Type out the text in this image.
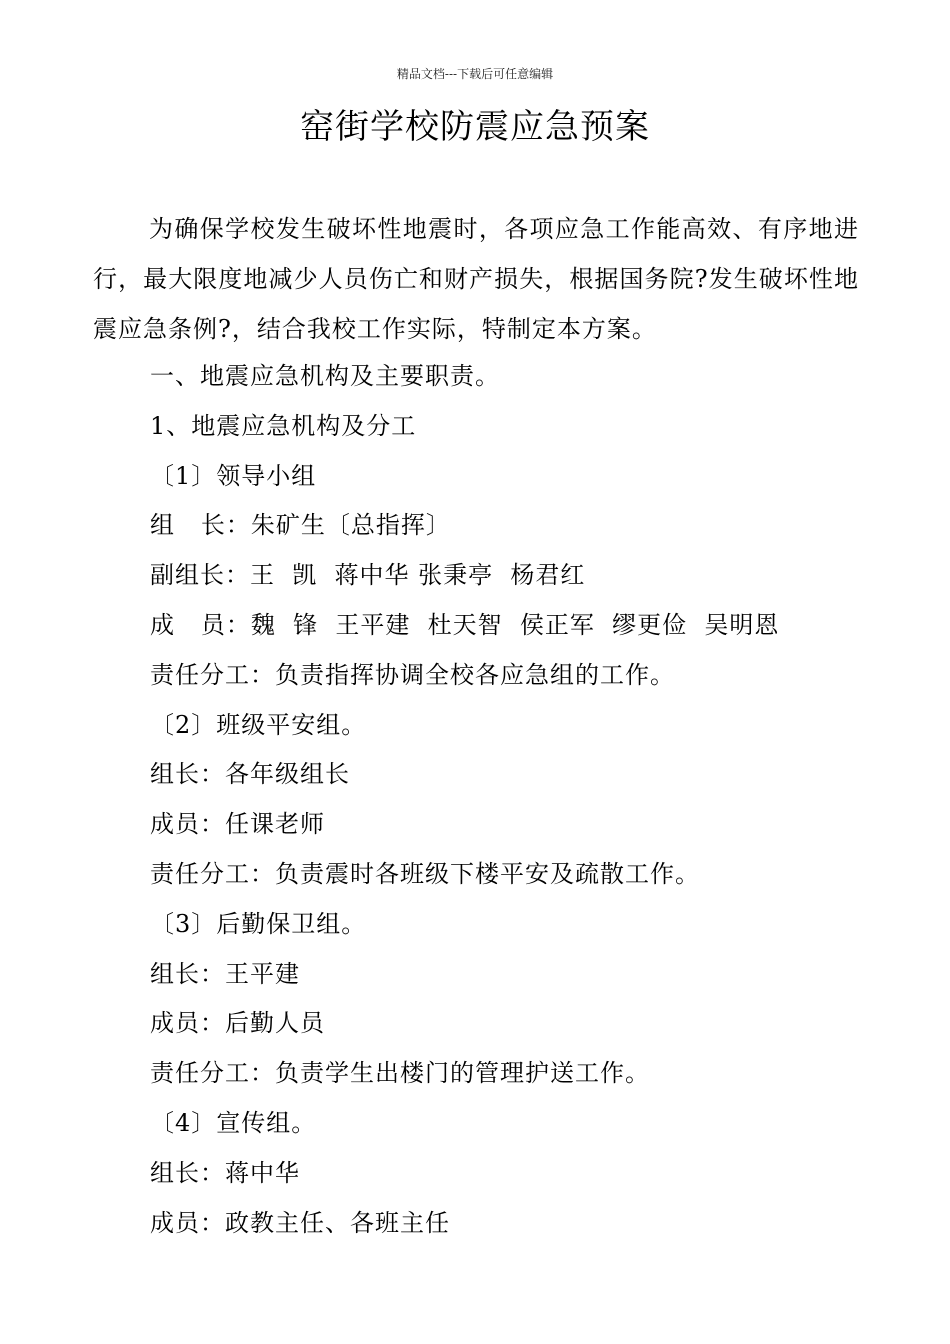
精品文档---下载后可任意编辑
窑街学校防震应急预案

为确保学校发生破坏性地震时，各项应急工作能高效、有序地进行，最大限度地减少人员伤亡和财产损失，根据国务院?发生破坏性地震应急条例?，结合我校工作实际，特制定本方案。

一、地震应急机构及主要职责。
1、地震应急机构及分工
〔1〕领导小组
组   长：朱矿生〔总指挥〕
副组长：王  凯  蒋中华 张秉亭  杨君红
成   员：魏  锋  王平建  杜天智  侯正军  缪更俭  吴明恩
责任分工：负责指挥协调全校各应急组的工作。
〔2〕班级平安组。
组长：各年级组长
成员：任课老师
责任分工：负责震时各班级下楼平安及疏散工作。
〔3〕后勤保卫组。
组长：王平建
成员：后勤人员
责任分工：负责学生出楼门的管理护送工作。
〔4〕宣传组。
组长：蒋中华
成员：政教主任、各班主任
